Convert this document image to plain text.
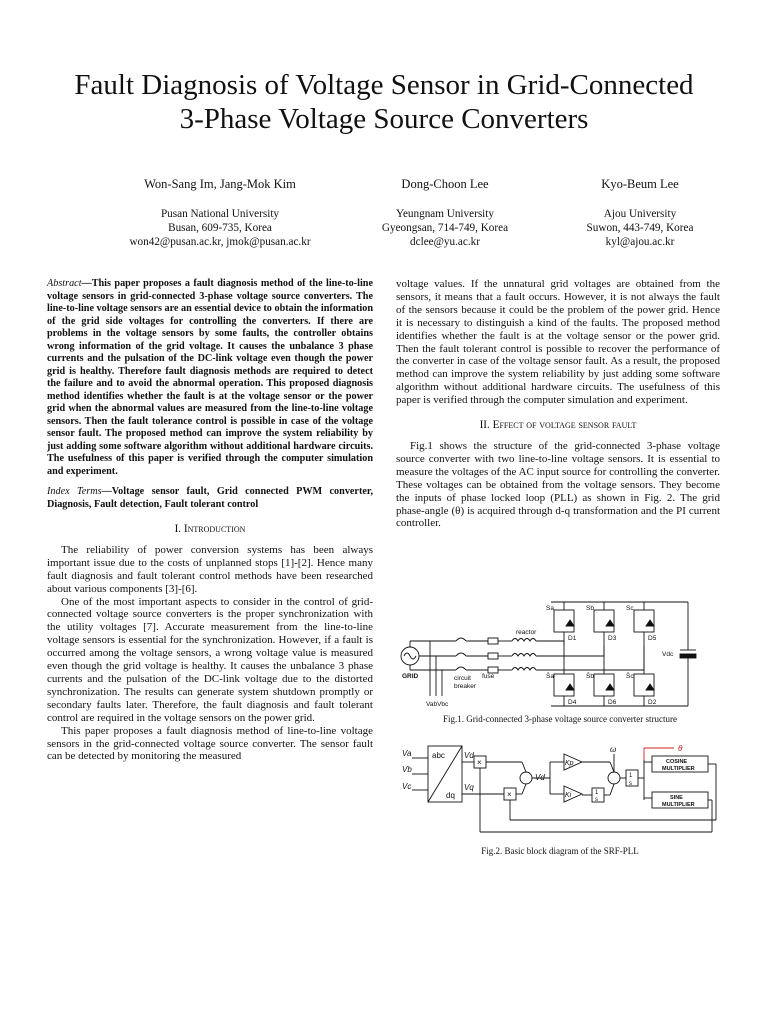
Fault Diagnosis of Voltage Sensor in Grid-Connected
3-Phase Voltage Source Converters
Won-Sang Im, Jang-Mok Kim	Dong-Choon Lee	Kyo-Beum Lee
Pusan National University
Busan, 609-735, Korea
won42@pusan.ac.kr, jmok@pusan.ac.kr
Yeungnam University
Gyeongsan, 714-749, Korea
dclee@yu.ac.kr
Ajou University
Suwon, 443-749, Korea
kyl@ajou.ac.kr

Abstract—This paper proposes a fault diagnosis method of the line-to-line voltage sensors in grid-connected 3-phase voltage source converters. The line-to-line voltage sensors are an essential device to obtain the information of the grid side voltages for controlling the converters. If there are problems in the voltage sensors by some faults, the controller obtains wrong information of the grid voltage. It causes the unbalance 3 phase currents and the pulsation of the DC-link voltage even though the power grid is healthy. Therefore fault diagnosis methods are required to detect the failure and to avoid the abnormal operation. This proposed diagnosis method identifies whether the fault is at the voltage sensor or the power grid when the abnormal values are measured from the line-to-line voltage sensors. Then the fault tolerance control is possible in case of the voltage sensor fault. The proposed method can improve the system reliability by just adding some software algorithm without additional hardware circuits. The usefulness of this paper is verified through the computer simulation and experiment.

Index Terms—Voltage sensor fault, Grid connected PWM converter, Diagnosis, Fault detection, Fault tolerant control

I. Introduction

The reliability of power conversion systems has been always important issue due to the costs of unplanned stops [1]-[2]. Hence many fault diagnosis and fault tolerant control methods have been researched about various components [3]-[6].

One of the most important aspects to consider in the control of grid-connected voltage source converters is the proper synchronization with the utility voltages [7]. Accurate measurement from the line-to-line voltage sensors is essential for the synchronization. However, if a fault is occurred among the voltage sensors, a wrong voltage value is measured even though the grid voltage is healthy. It causes the unbalance 3 phase currents and the pulsation of the DC-link voltage due to the distorted synchronization. The results can generate system shutdown promptly or secondary faults later. Therefore, the fault diagnosis and fault tolerant control are required in the voltage sensors on the power grid.

This paper proposes a fault diagnosis method of line-to-line voltage sensors in the grid-connected voltage source converter. The sensor fault can be detected by monitoring the measured

voltage values. If the unnatural grid voltages are obtained from the sensors, it means that a fault occurs. However, it is not always the fault of the sensors because it could be the problem of the power grid. Hence it is necessary to distinguish a kind of the faults. The proposed method identifies whether the fault is at the voltage sensor or the power grid. Then the fault tolerant control is possible to recover the performance of the converter in case of the voltage sensor fault. As a result, the proposed method can improve the system reliability by just adding some software algorithm without additional hardware circuits. The usefulness of this paper is verified through the computer simulation and experiment.

II. Effect of voltage sensor fault

Fig.1 shows the structure of the grid-connected 3-phase voltage source converter with two line-to-line voltage sensors. It is essential to measure the voltages of the AC input source for controlling the converter. These voltages can be obtained from the voltage sensors. They become the inputs of phase locked loop (PLL) as shown in Fig. 2. The grid phase-angle (θ) is acquired through d-q transformation and the PI current controller.

GRID
VabVbc
circuit
breaker
fuse
reactor
Sa	Sb	Sc
S̄a	S̄b	S̄c
D1	D3	D5
D4	D6	D2
Vdc
Fig.1. Grid-connected 3-phase voltage source converter structure
Va
Vb
Vc
abc
dq
Vd
Vq
×
×
Vd
Kp
Ki	1
s
ω
1
s
θ
COSINE
MULTIPLIER
SINE
MULTIPLIER
Fig.2. Basic block diagram of the SRF-PLL
